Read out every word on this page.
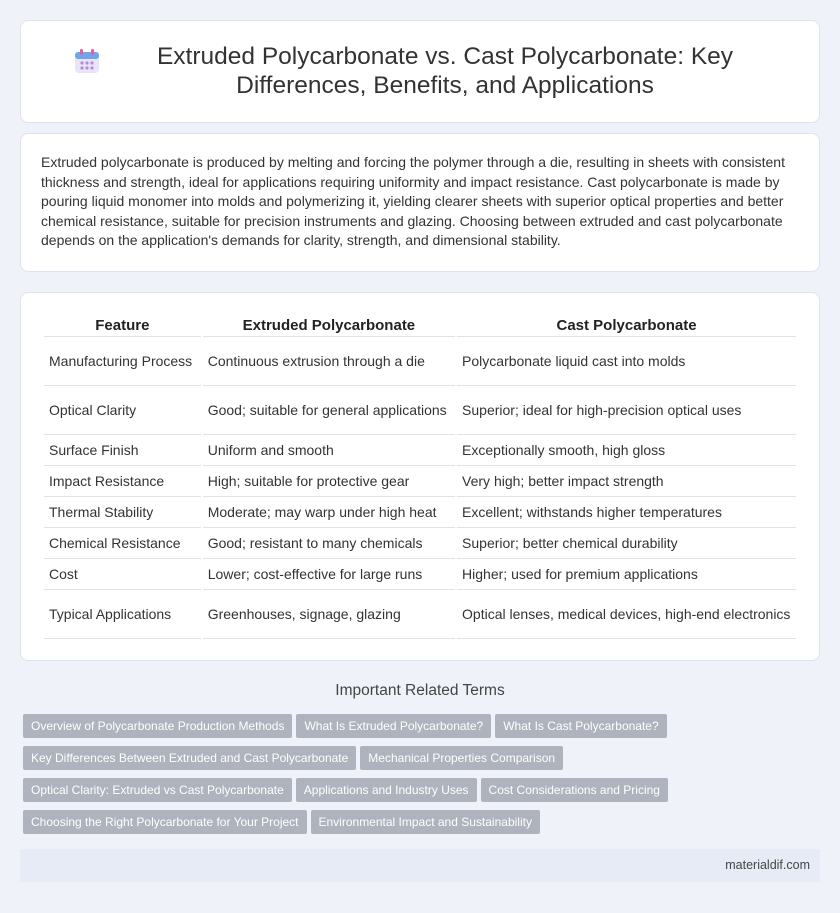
Extruded Polycarbonate vs. Cast Polycarbonate: Key Differences, Benefits, and Applications

Extruded polycarbonate is produced by melting and forcing the polymer through a die, resulting in sheets with consistent thickness and strength, ideal for applications requiring uniformity and impact resistance. Cast polycarbonate is made by pouring liquid monomer into molds and polymerizing it, yielding clearer sheets with superior optical properties and better chemical resistance, suitable for precision instruments and glazing. Choosing between extruded and cast polycarbonate depends on the application's demands for clarity, strength, and dimensional stability.

Feature	Extruded Polycarbonate	Cast Polycarbonate
Manufacturing Process	Continuous extrusion through a die	Polycarbonate liquid cast into molds
Optical Clarity	Good; suitable for general applications	Superior; ideal for high-precision optical uses
Surface Finish	Uniform and smooth	Exceptionally smooth, high gloss
Impact Resistance	High; suitable for protective gear	Very high; better impact strength
Thermal Stability	Moderate; may warp under high heat	Excellent; withstands higher temperatures
Chemical Resistance	Good; resistant to many chemicals	Superior; better chemical durability
Cost	Lower; cost-effective for large runs	Higher; used for premium applications
Typical Applications	Greenhouses, signage, glazing	Optical lenses, medical devices, high-end electronics
Important Related Terms
Overview of Polycarbonate Production Methods What Is Extruded Polycarbonate? What Is Cast Polycarbonate?
Key Differences Between Extruded and Cast Polycarbonate Mechanical Properties Comparison
Optical Clarity: Extruded vs Cast Polycarbonate Applications and Industry Uses Cost Considerations and Pricing
Choosing the Right Polycarbonate for Your Project Environmental Impact and Sustainability
materialdif.com
